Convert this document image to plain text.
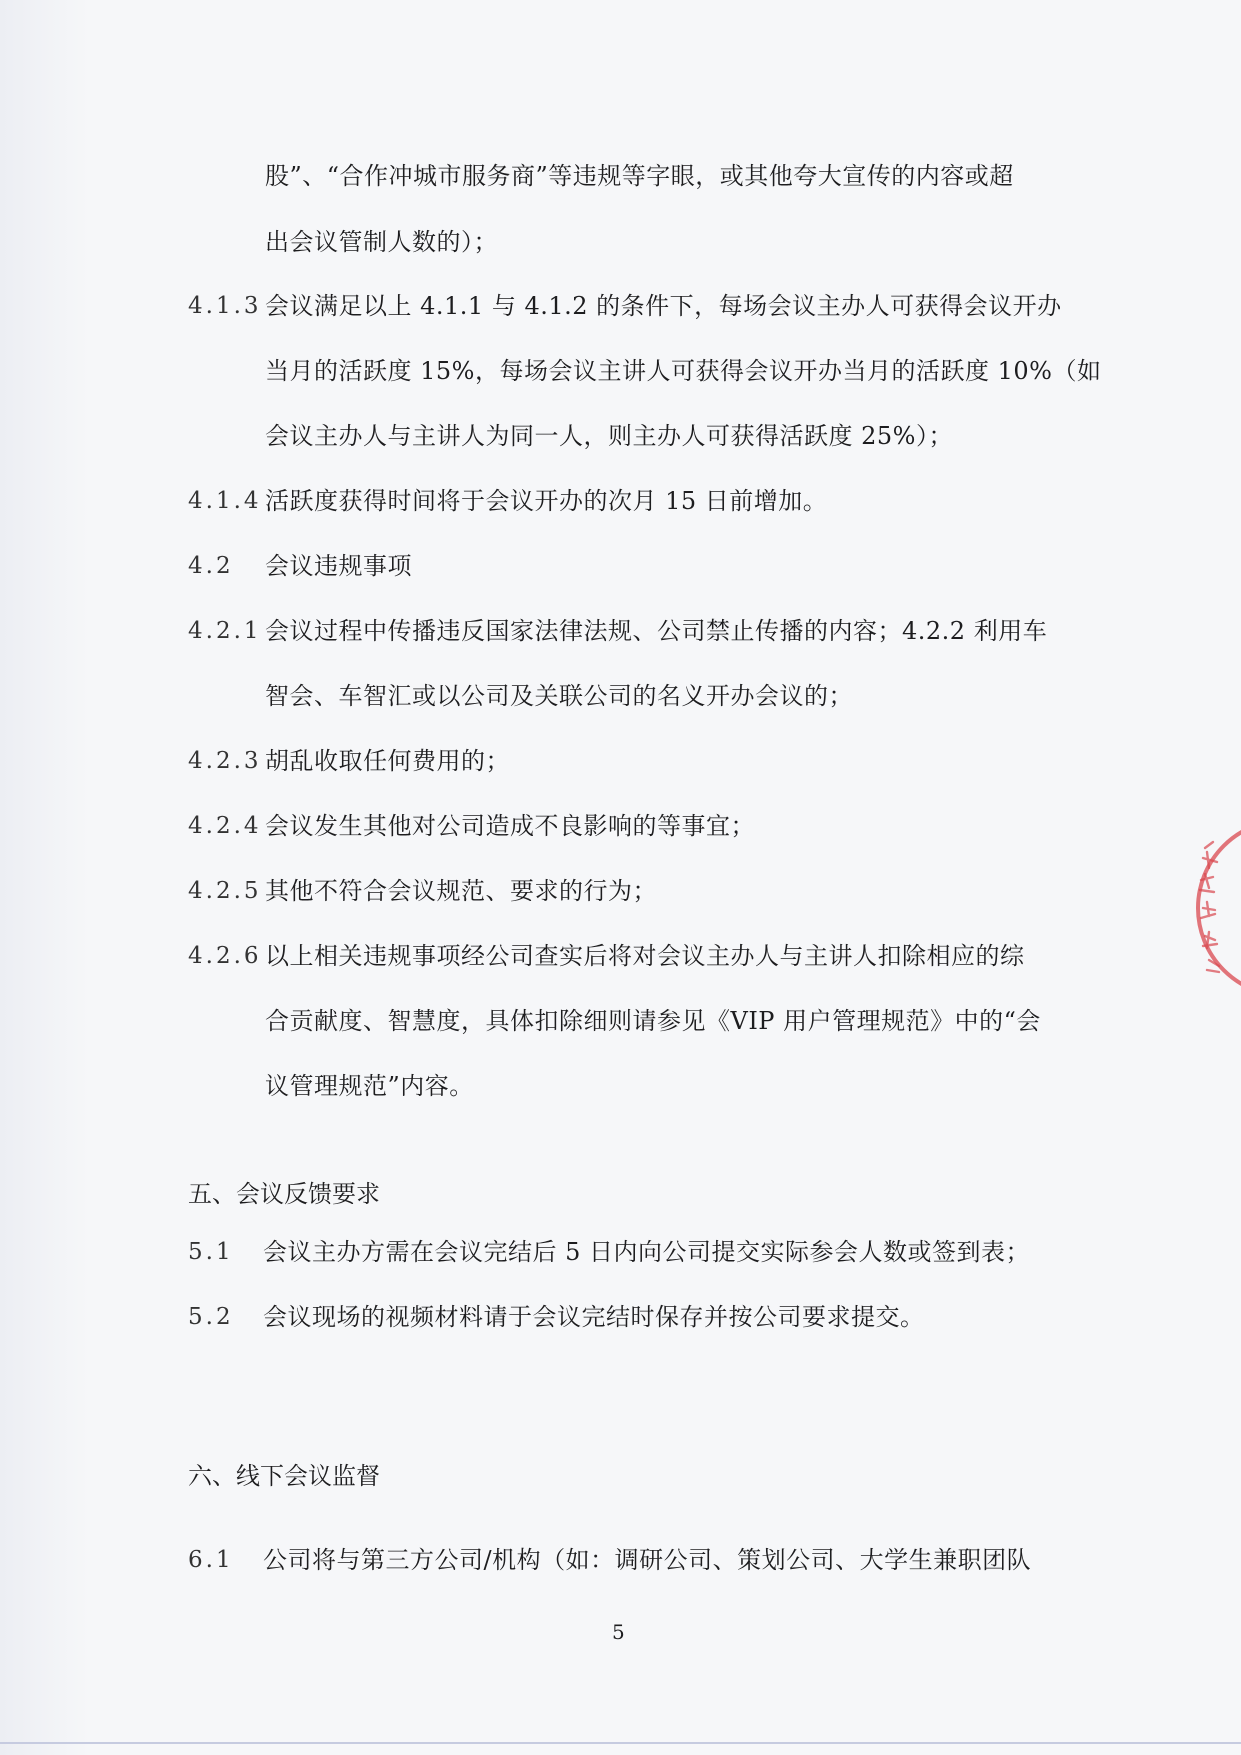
股”、“合作冲城市服务商”等违规等字眼，或其他夸大宣传的内容或超
出会议管制人数的）；
4.1.3 会议满足以上 4.1.1 与 4.1.2 的条件下，每场会议主办人可获得会议开办
当月的活跃度 15%，每场会议主讲人可获得会议开办当月的活跃度 10%（如
会议主办人与主讲人为同一人，则主办人可获得活跃度 25%）；
4.1.4 活跃度获得时间将于会议开办的次月 15 日前增加。
4.2 会议违规事项
4.2.1 会议过程中传播违反国家法律法规、公司禁止传播的内容；4.2.2 利用车
智会、车智汇或以公司及关联公司的名义开办会议的；
4.2.3 胡乱收取任何费用的；
4.2.4 会议发生其他对公司造成不良影响的等事宜；
4.2.5 其他不符合会议规范、要求的行为；
4.2.6 以上相关违规事项经公司查实后将对会议主办人与主讲人扣除相应的综
合贡献度、智慧度，具体扣除细则请参见《VIP 用户管理规范》中的“会
议管理规范”内容。
五、会议反馈要求
5.1 会议主办方需在会议完结后 5 日内向公司提交实际参会人数或签到表；
5.2 会议现场的视频材料请于会议完结时保存并按公司要求提交。
六、线下会议监督
6.1 公司将与第三方公司/机构（如：调研公司、策划公司、大学生兼职团队
5
